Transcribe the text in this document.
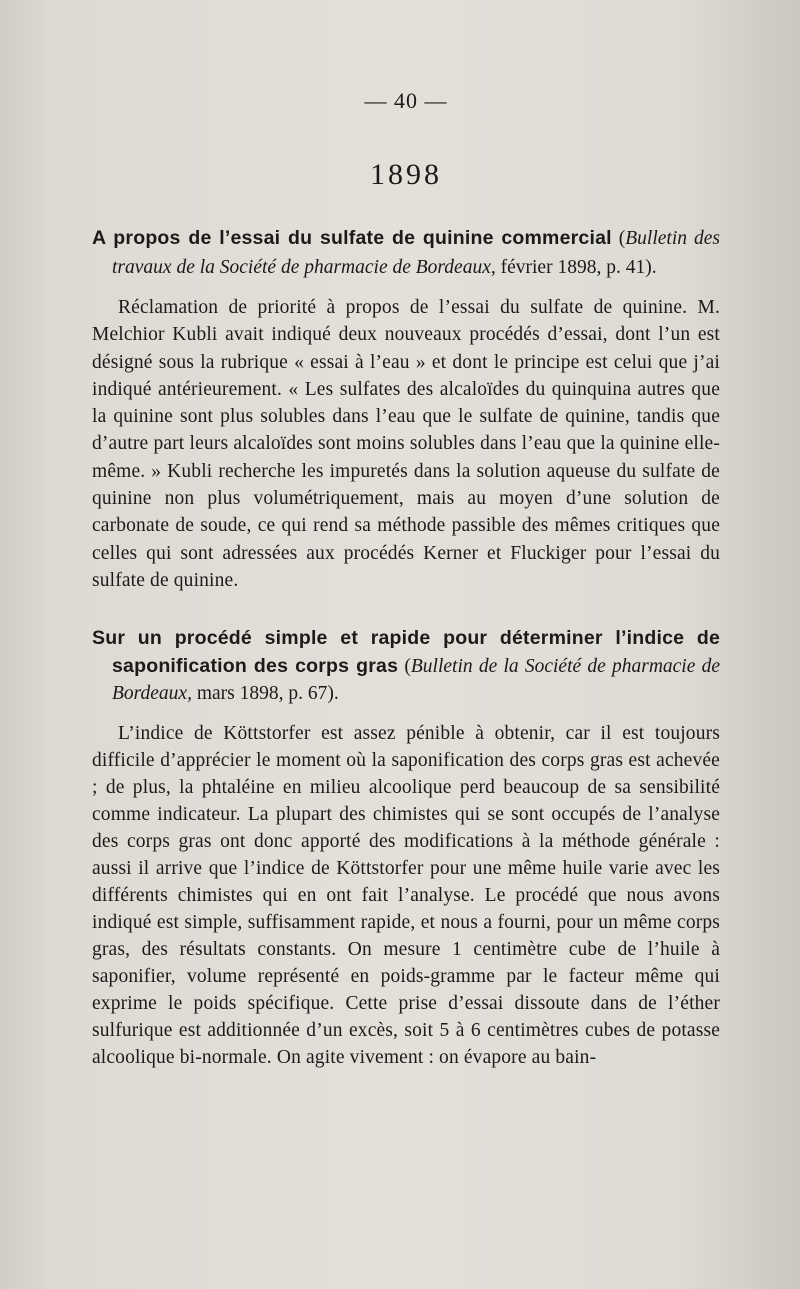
— 40 —
1898

A propos de l’essai du sulfate de quinine commercial (Bulletin des travaux de la Société de pharmacie de Bordeaux, février 1898, p. 41).

Réclamation de priorité à propos de l’essai du sulfate de quinine. M. Melchior Kubli avait indiqué deux nouveaux procédés d’essai, dont l’un est désigné sous la rubrique « essai à l’eau » et dont le principe est celui que j’ai indiqué antérieurement. « Les sulfates des alcaloïdes du quinquina autres que la quinine sont plus solubles dans l’eau que le sulfate de quinine, tandis que d’autre part leurs alcaloïdes sont moins solubles dans l’eau que la quinine elle-même. » Kubli recherche les impuretés dans la solution aqueuse du sulfate de quinine non plus volumétriquement, mais au moyen d’une solution de carbonate de soude, ce qui rend sa méthode passible des mêmes critiques que celles qui sont adressées aux procédés Kerner et Fluckiger pour l’essai du sulfate de quinine.

Sur un procédé simple et rapide pour déterminer l’indice de saponification des corps gras (Bulletin de la Société de pharmacie de Bordeaux, mars 1898, p. 67).

L’indice de Köttstorfer est assez pénible à obtenir, car il est toujours difficile d’apprécier le moment où la saponification des corps gras est achevée ; de plus, la phtaléine en milieu alcoolique perd beaucoup de sa sensibilité comme indicateur. La plupart des chimistes qui se sont occupés de l’analyse des corps gras ont donc apporté des modifications à la méthode générale : aussi il arrive que l’indice de Köttstorfer pour une même huile varie avec les différents chimistes qui en ont fait l’analyse. Le procédé que nous avons indiqué est simple, suffisamment rapide, et nous a fourni, pour un même corps gras, des résultats constants. On mesure 1 centimètre cube de l’huile à saponifier, volume représenté en poids-gramme par le facteur même qui exprime le poids spécifique. Cette prise d’essai dissoute dans de l’éther sulfurique est additionnée d’un excès, soit 5 à 6 centimètres cubes de potasse alcoolique bi-normale. On agite vivement : on évapore au bain-
